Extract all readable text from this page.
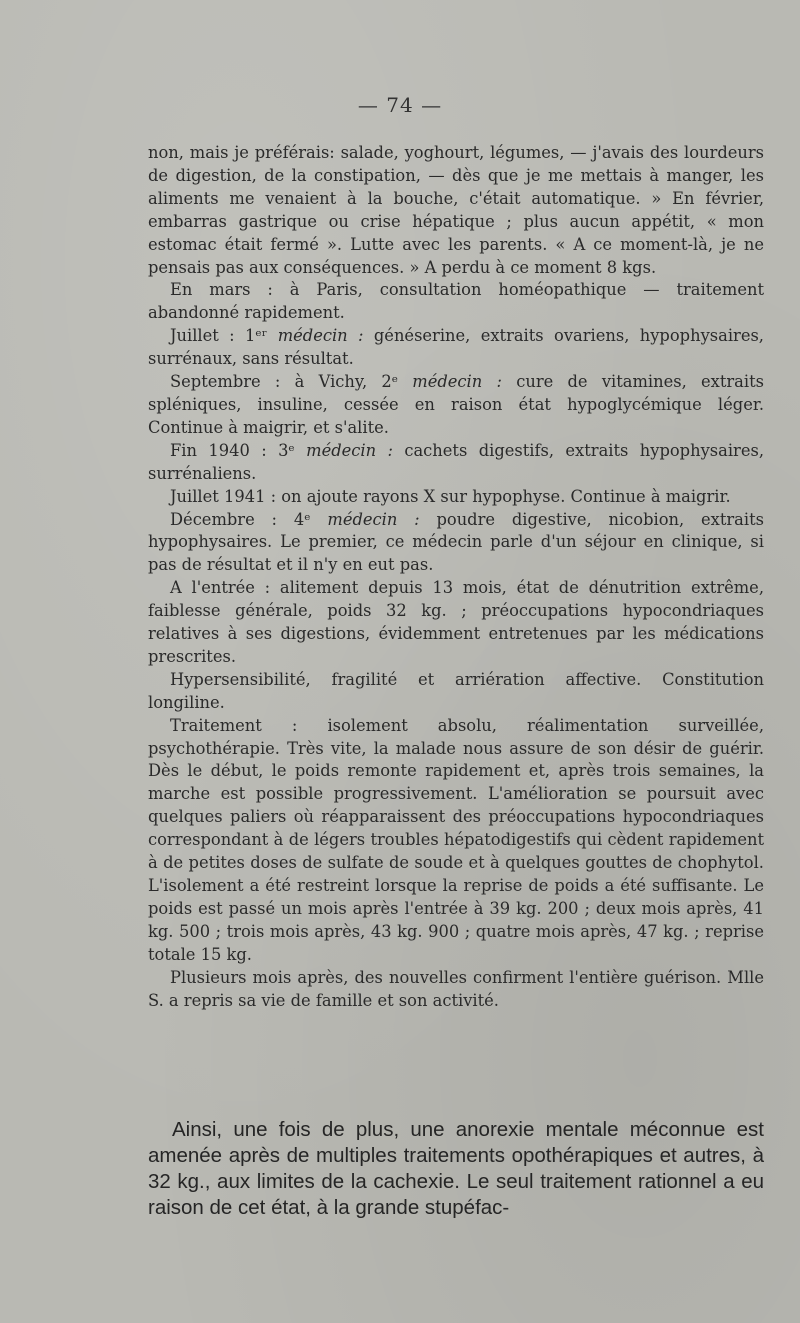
— 74 —

non, mais je préférais: salade, yoghourt, légumes, — j'avais des lourdeurs de digestion, de la constipation, — dès que je me mettais à manger, les aliments me venaient à la bouche, c'était automatique. » En février, embarras gastrique ou crise hépatique ; plus aucun appétit, « mon estomac était fermé ». Lutte avec les parents. « A ce moment-là, je ne pensais pas aux conséquences. » A perdu à ce moment 8 kgs.

En mars : à Paris, consultation homéopathique — traitement abandonné rapidement.

Juillet : 1ᵉʳ médecin : généserine, extraits ovariens, hypophysaires, surrénaux, sans résultat.

Septembre : à Vichy, 2ᵉ médecin : cure de vitamines, extraits spléniques, insuline, cessée en raison état hypoglycémique léger. Continue à maigrir, et s'alite.

Fin 1940 : 3ᵉ médecin : cachets digestifs, extraits hypophysaires, surrénaliens.

Juillet 1941 : on ajoute rayons X sur hypophyse. Continue à maigrir.

Décembre : 4ᵉ médecin : poudre digestive, nicobion, extraits hypophysaires. Le premier, ce médecin parle d'un séjour en clinique, si pas de résultat et il n'y en eut pas.

A l'entrée : alitement depuis 13 mois, état de dénutrition extrême, faiblesse générale, poids 32 kg. ; préoccupations hypocondriaques relatives à ses digestions, évidemment entretenues par les médications prescrites.

Hypersensibilité, fragilité et arriération affective. Constitution longiline.

Traitement : isolement absolu, réalimentation surveillée, psychothérapie. Très vite, la malade nous assure de son désir de guérir. Dès le début, le poids remonte rapidement et, après trois semaines, la marche est possible progressivement. L'amélioration se poursuit avec quelques paliers où réapparaissent des préoccupations hypocondriaques correspondant à de légers troubles hépatodigestifs qui cèdent rapidement à de petites doses de sulfate de soude et à quelques gouttes de chophytol. L'isolement a été restreint lorsque la reprise de poids a été suffisante. Le poids est passé un mois après l'entrée à 39 kg. 200 ; deux mois après, 41 kg. 500 ; trois mois après, 43 kg. 900 ; quatre mois après, 47 kg. ; reprise totale 15 kg.

Plusieurs mois après, des nouvelles confirment l'entière guérison. Mlle S. a repris sa vie de famille et son activité.

Ainsi, une fois de plus, une anorexie mentale méconnue est amenée après de multiples traitements opothérapiques et autres, à 32 kg., aux limites de la cachexie. Le seul traitement rationnel a eu raison de cet état, à la grande stupéfac-
